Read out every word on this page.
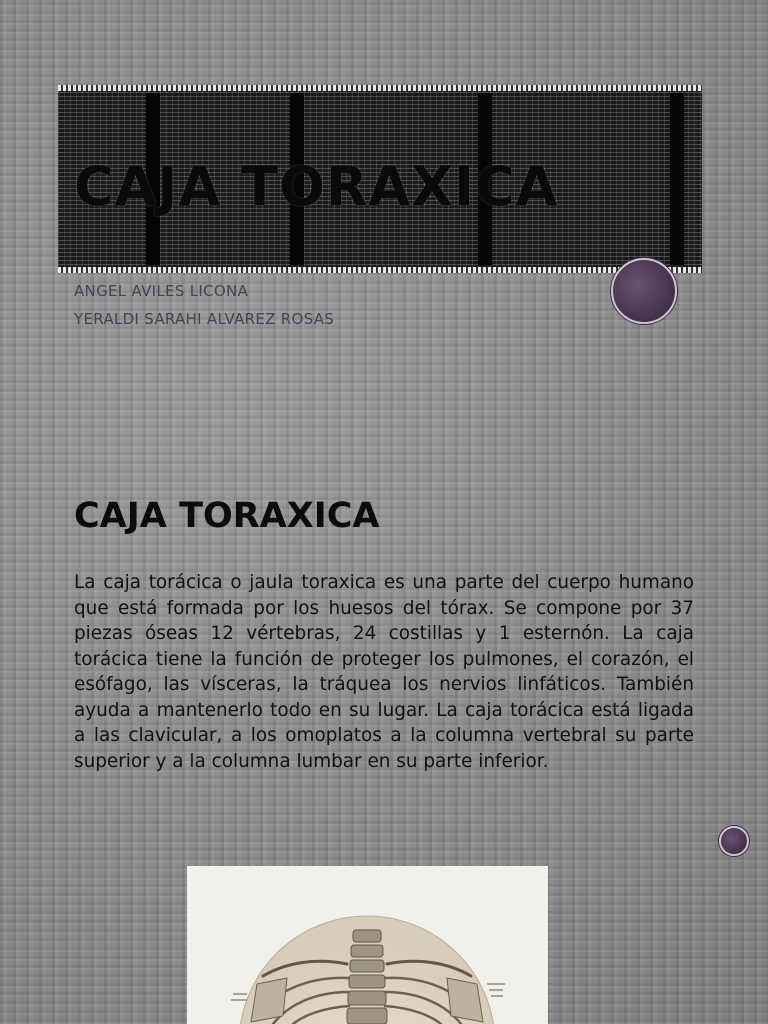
CAJA TORAXICA
ANGEL AVILES LICONA
YERALDI SARAHI ALVAREZ ROSAS
CAJA TORAXICA

La caja torácica o jaula toraxica es una parte del cuerpo humano que está formada por los huesos del tórax. Se compone por 37 piezas óseas 12 vértebras, 24 costillas y 1 esternón. La caja torácica tiene la función de proteger los pulmones, el corazón, el esófago, las vísceras, la tráquea los nervios linfáticos. También ayuda a mantenerlo todo en su lugar. La caja torácica está ligada a las clavicular, a los omoplatos a la columna vertebral su parte superior y a la columna lumbar en su parte inferior.
